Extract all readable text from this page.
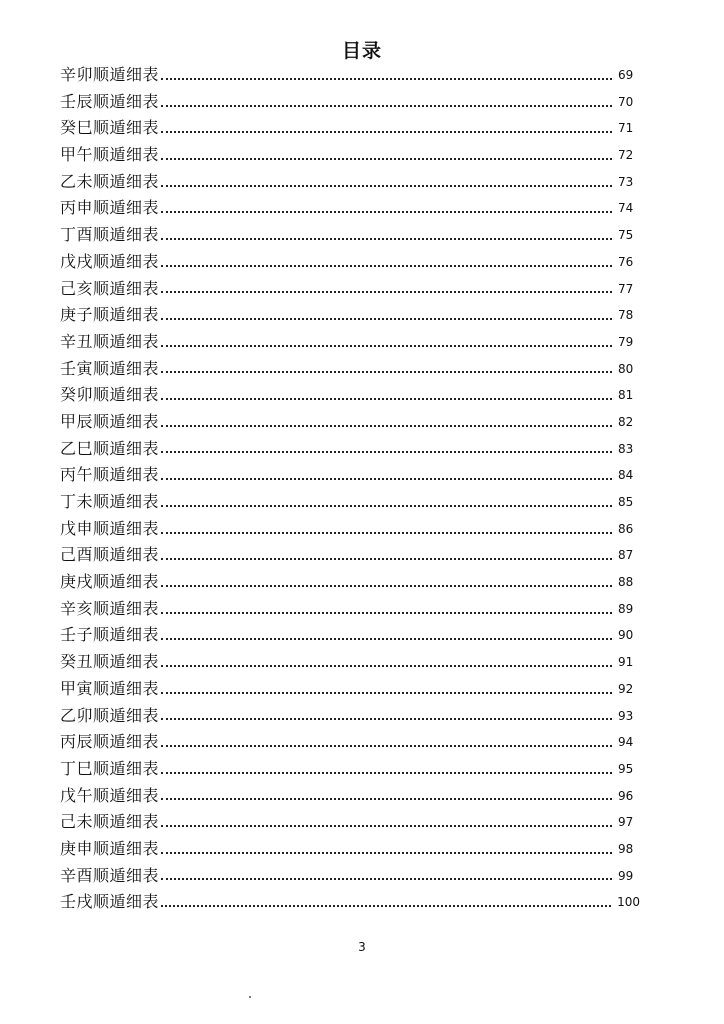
目录
辛卯顺遁细表	69
壬辰顺遁细表	70
癸巳顺遁细表	71
甲午顺遁细表	72
乙未顺遁细表	73
丙申顺遁细表	74
丁酉顺遁细表	75
戊戌顺遁细表	76
己亥顺遁细表	77
庚子顺遁细表	78
辛丑顺遁细表	79
壬寅顺遁细表	80
癸卯顺遁细表	81
甲辰顺遁细表	82
乙巳顺遁细表	83
丙午顺遁细表	84
丁未顺遁细表	85
戊申顺遁细表	86
己酉顺遁细表	87
庚戌顺遁细表	88
辛亥顺遁细表	89
壬子顺遁细表	90
癸丑顺遁细表	91
甲寅顺遁细表	92
乙卯顺遁细表	93
丙辰顺遁细表	94
丁巳顺遁细表	95
戊午顺遁细表	96
己未顺遁细表	97
庚申顺遁细表	98
辛酉顺遁细表	99
壬戌顺遁细表	100
3
